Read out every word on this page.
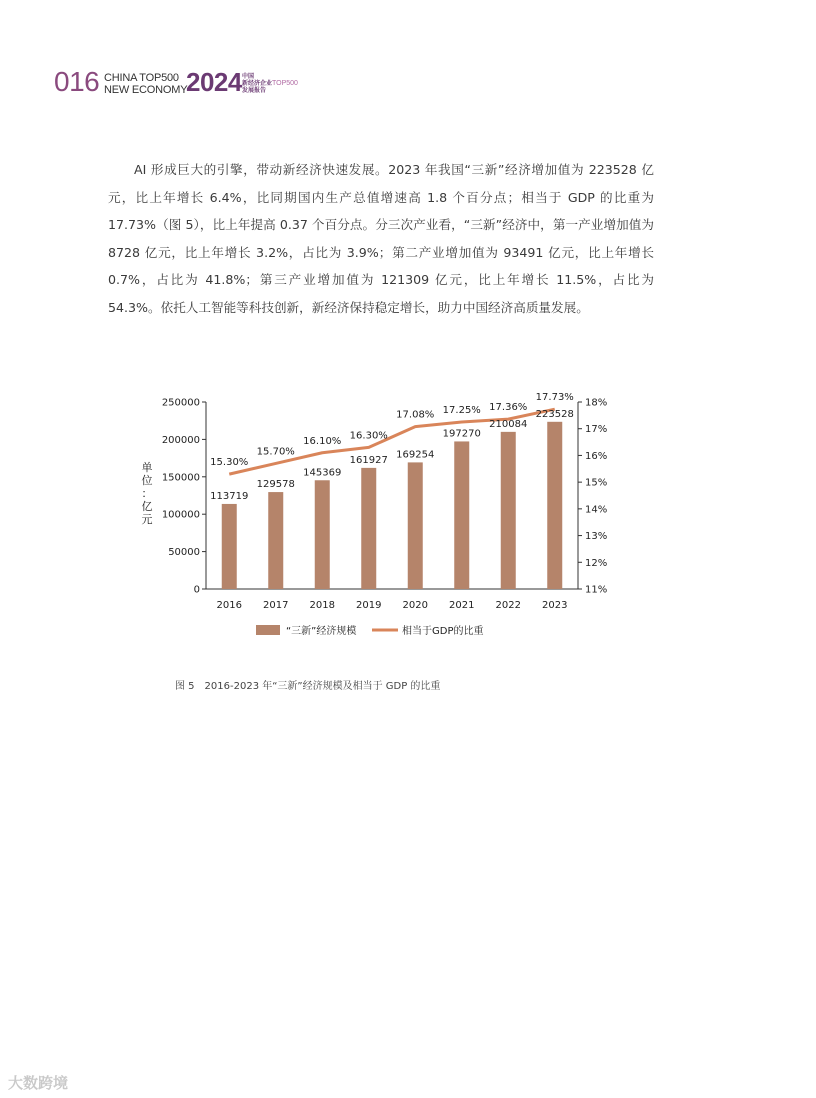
016 CHINA TOP500
NEW ECONOMY
2024 中国
新经济企业
发展报告
TOP500

AI 形成巨大的引擎，带动新经济快速发展。2023 年我国“三新”经济增加值为 223528 亿元，比上年增长 6.4%，比同期国内生产总值增速高 1.8 个百分点；相当于 GDP 的比重为 17.73%（图 5），比上年提高 0.37 个百分点。分三次产业看，“三新”经济中，第一产业增加值为 8728 亿元，比上年增长 3.2%，占比为 3.9%；第二产业增加值为 93491 亿元，比上年增长 0.7%，占比为 41.8%；第三产业增加值为 121309 亿元，比上年增长 11.5%，占比为 54.3%。依托人工智能等科技创新，新经济保持稳定增长，助力中国经济高质量发展。

0
50000
100000
150000
200000
250000
11%
12%
13%
14%
15%
16%
17%
18%
2016 2017 2018 2019 2020 2021 2022 2023
单
位
：
亿
元
113719
129578
145369
161927 169254
197270
210084
223528
15.30%
15.70%
16.10% 16.30%
17.08% 17.25% 17.36%
17.73%
“三新”经济规模	相当于GDP的比重
图 5 2016-2023 年“三新”经济规模及相当于 GDP 的比重
大数跨境
